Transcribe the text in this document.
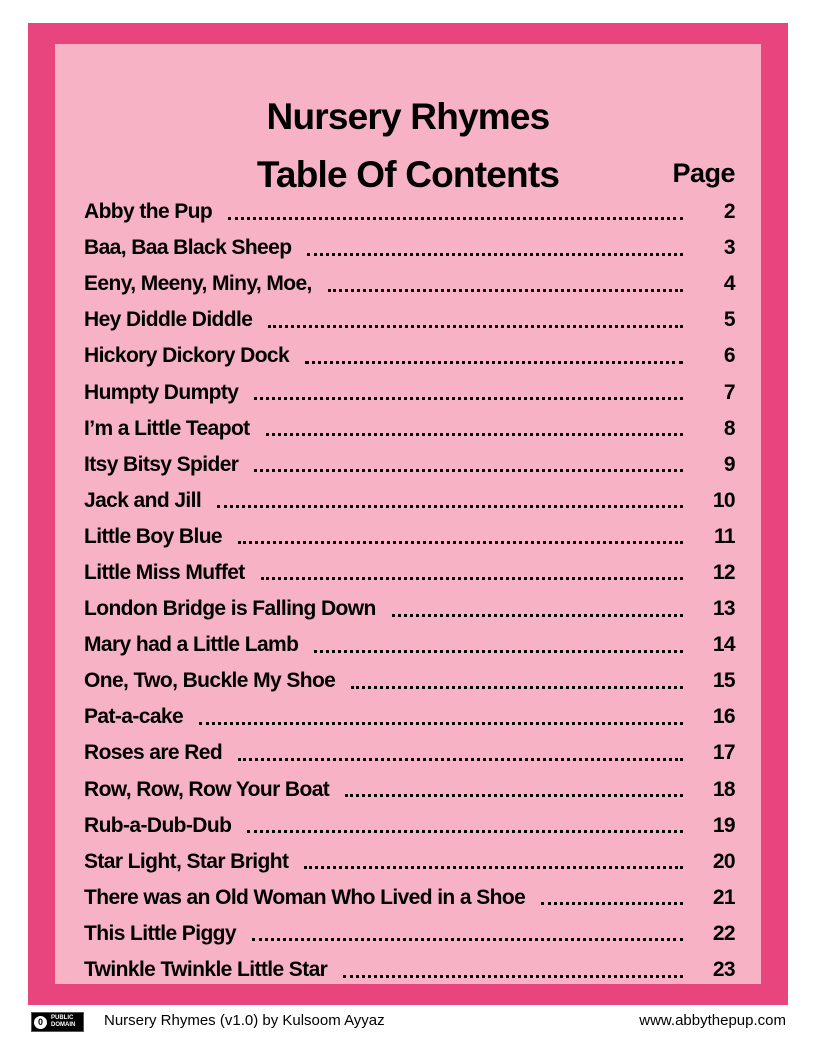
Nursery Rhymes
Table Of Contents	Page
Abby the Pup	2
Baa, Baa Black Sheep	3
Eeny, Meeny, Miny, Moe,	4
Hey Diddle Diddle	5
Hickory Dickory Dock	6
Humpty Dumpty	7
I’m a Little Teapot	8
Itsy Bitsy Spider	9
Jack and Jill	10
Little Boy Blue	11
Little Miss Muffet	12
London Bridge is Falling Down	13
Mary had a Little Lamb	14
One, Two, Buckle My Shoe	15
Pat-a-cake	16
Roses are Red	17
Row, Row, Row Your Boat	18
Rub-a-Dub-Dub	19
Star Light, Star Bright	20
There was an Old Woman Who Lived in a Shoe	21
This Little Piggy	22
Twinkle Twinkle Little Star	23
0	PUBLIC DOMAIN Nursery Rhymes (v1.0) by Kulsoom Ayyaz	www.abbythepup.com
